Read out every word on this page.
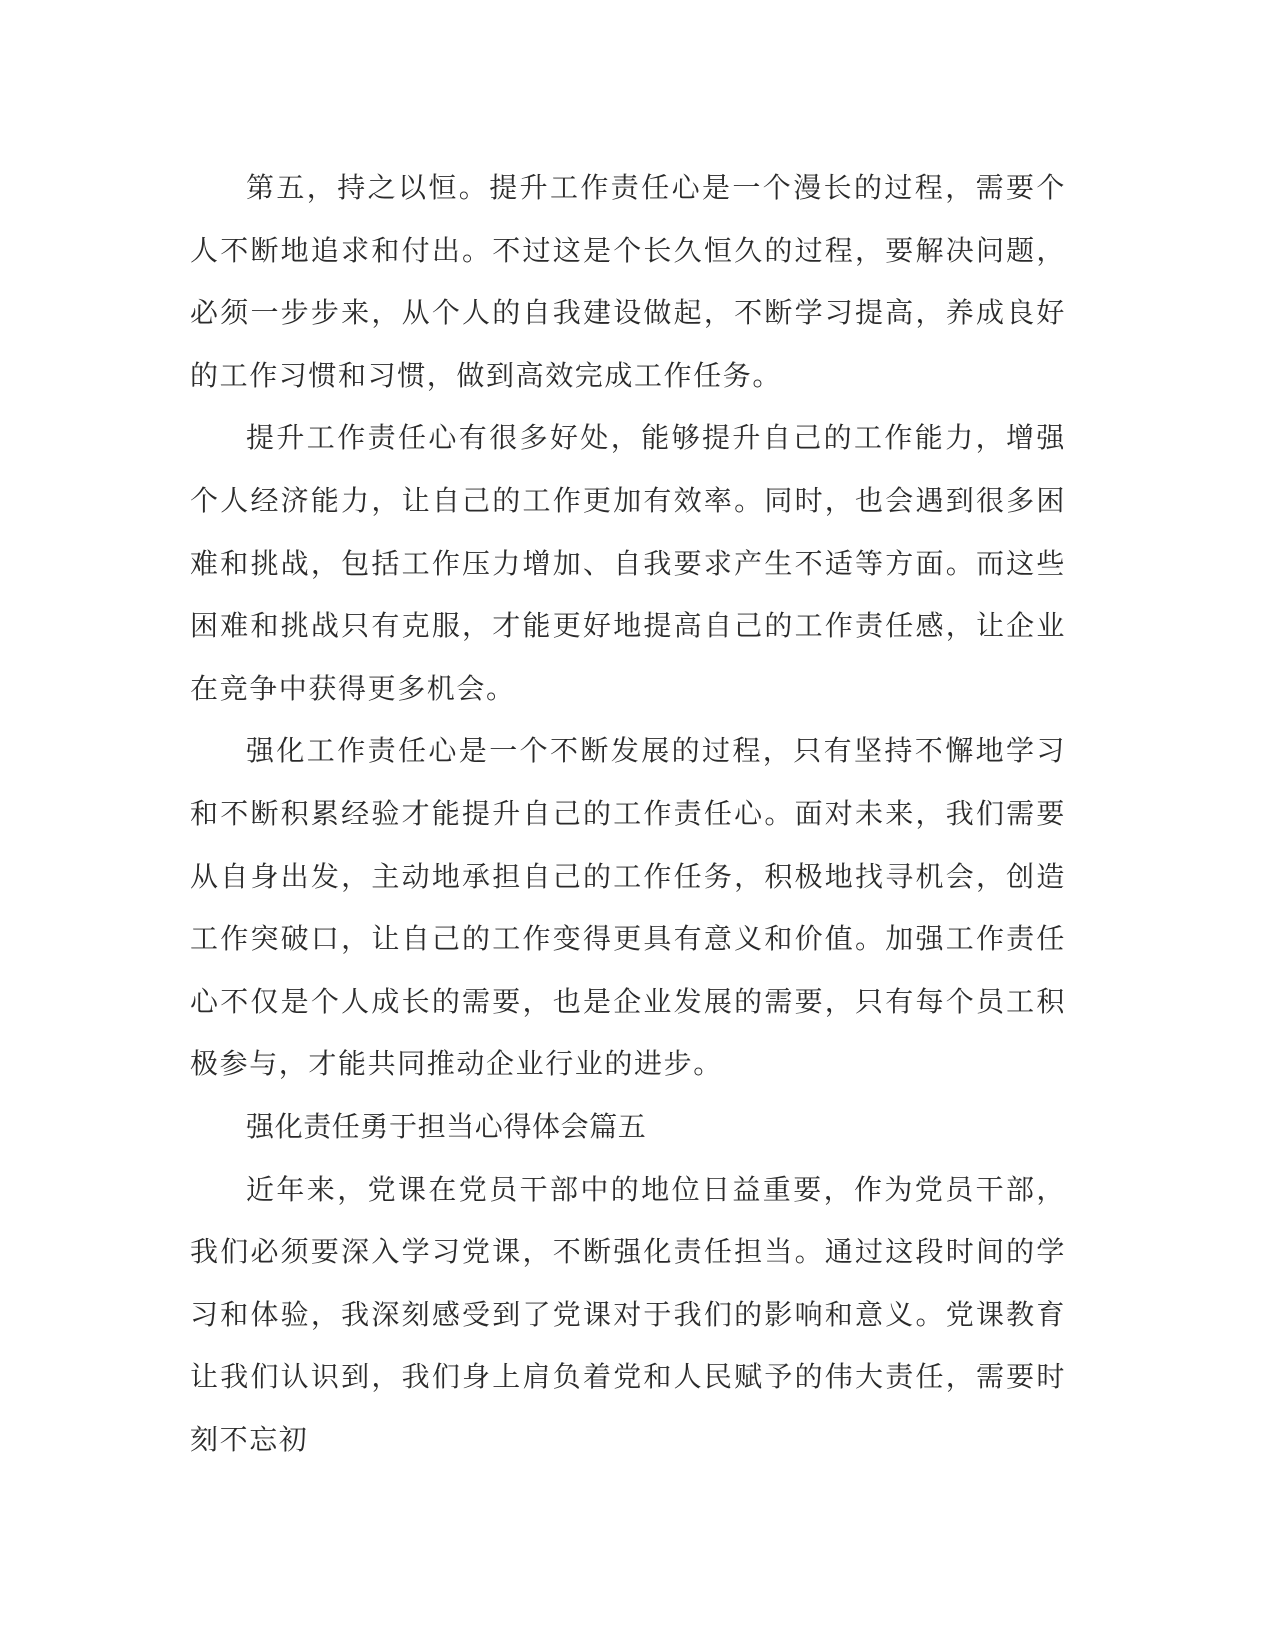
第五，持之以恒。提升工作责任心是一个漫长的过程，需要个人不断地追求和付出。不过这是个长久恒久的过程，要解决问题，必须一步步来，从个人的自我建设做起，不断学习提高，养成良好的工作习惯和习惯，做到高效完成工作任务。

提升工作责任心有很多好处，能够提升自己的工作能力，增强个人经济能力，让自己的工作更加有效率。同时，也会遇到很多困难和挑战，包括工作压力增加、自我要求产生不适等方面。而这些困难和挑战只有克服，才能更好地提高自己的工作责任感，让企业在竞争中获得更多机会。

强化工作责任心是一个不断发展的过程，只有坚持不懈地学习和不断积累经验才能提升自己的工作责任心。面对未来，我们需要从自身出发，主动地承担自己的工作任务，积极地找寻机会，创造工作突破口，让自己的工作变得更具有意义和价值。加强工作责任心不仅是个人成长的需要，也是企业发展的需要，只有每个员工积极参与，才能共同推动企业行业的进步。

强化责任勇于担当心得体会篇五

近年来，党课在党员干部中的地位日益重要，作为党员干部，我们必须要深入学习党课，不断强化责任担当。通过这段时间的学习和体验，我深刻感受到了党课对于我们的影响和意义。党课教育让我们认识到，我们身上肩负着党和人民赋予的伟大责任，需要时刻不忘初
